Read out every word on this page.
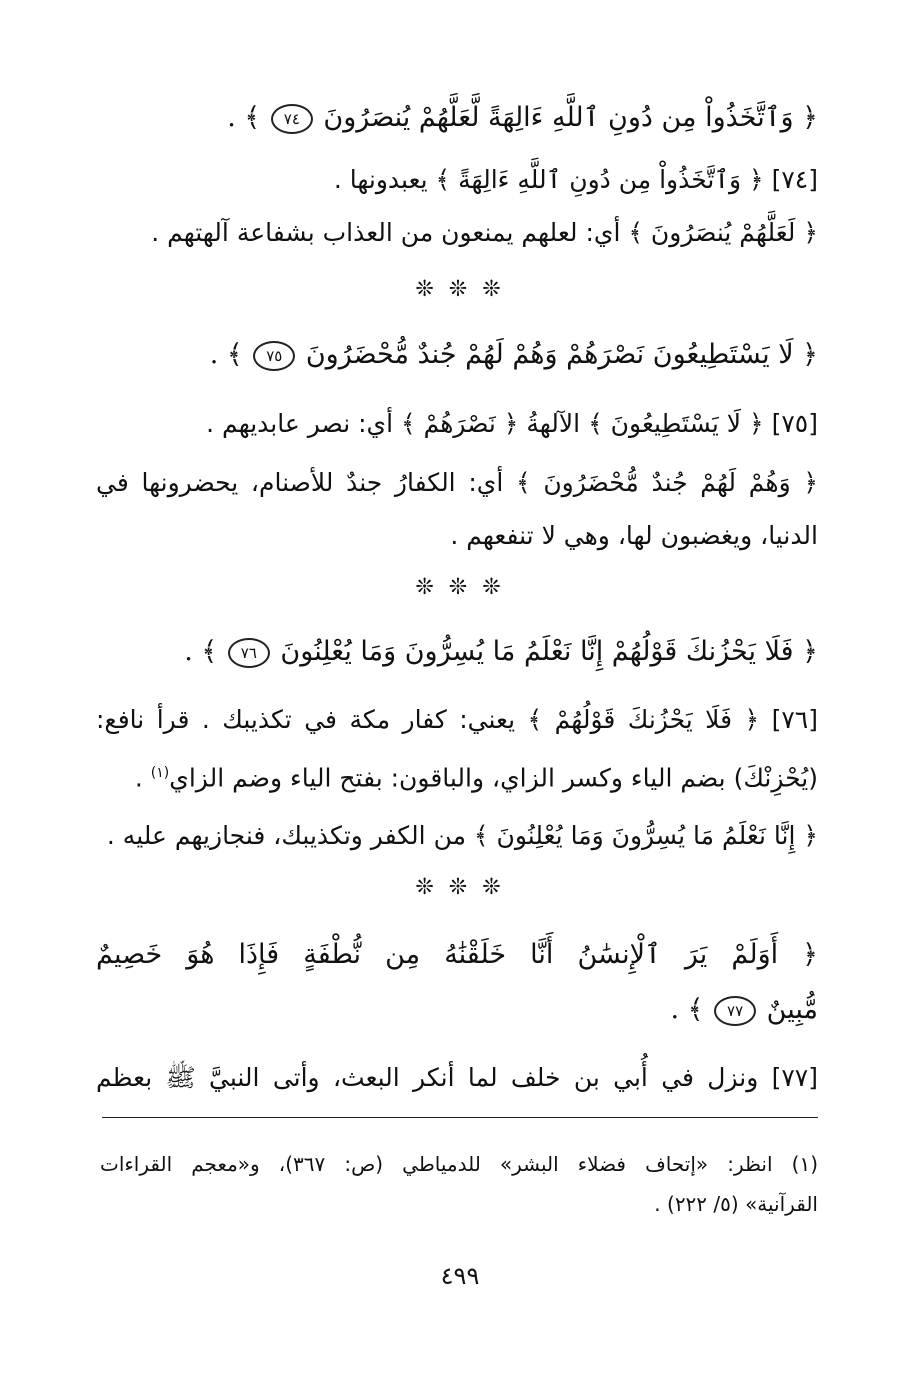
﴿ وَٱتَّخَذُواْ مِن دُونِ ٱللَّهِ ءَالِهَةً لَّعَلَّهُمْ يُنصَرُونَ ٧٤ ﴾ .
[٧٤] ﴿ وَٱتَّخَذُواْ مِن دُونِ ٱللَّهِ ءَالِهَةً ﴾ يعبدونها .
﴿ لَعَلَّهُمْ يُنصَرُونَ ﴾ أي: لعلهم يمنعون من العذاب بشفاعة آلهتهم .
❊ ❊ ❊
﴿ لَا يَسْتَطِيعُونَ نَصْرَهُمْ وَهُمْ لَهُمْ جُندٌ مُّحْضَرُونَ ٧٥ ﴾ .
[٧٥] ﴿ لَا يَسْتَطِيعُونَ ﴾ الآلهةُ ﴿ نَصْرَهُمْ ﴾ أي: نصر عابديهم .
﴿ وَهُمْ لَهُمْ جُندٌ مُّحْضَرُونَ ﴾ أي: الكفارُ جندٌ للأصنام، يحضرونها في
الدنيا، ويغضبون لها، وهي لا تنفعهم .
❊ ❊ ❊
﴿ فَلَا يَحْزُنكَ قَوْلُهُمْ إِنَّا نَعْلَمُ مَا يُسِرُّونَ وَمَا يُعْلِنُونَ ٧٦ ﴾ .
[٧٦] ﴿ فَلَا يَحْزُنكَ قَوْلُهُمْ ﴾ يعني: كفار مكة في تكذيبك . قرأ نافع:
(يُحْزِنْكَ) بضم الياء وكسر الزاي، والباقون: بفتح الياء وضم الزاي$^{(١)}$ .
﴿ إِنَّا نَعْلَمُ مَا يُسِرُّونَ وَمَا يُعْلِنُونَ ﴾ من الكفر وتكذيبك، فنجازيهم عليه .
❊ ❊ ❊
﴿ أَوَلَمْ يَرَ ٱلْإِنسَٰنُ أَنَّا خَلَقْنَٰهُ مِن نُّطْفَةٍ فَإِذَا هُوَ خَصِيمٌ
مُّبِينٌ ٧٧ ﴾ .
[٧٧] ونزل في أُبي بن خلف لما أنكر البعث، وأتى النبيَّ ﷺ بعظم
(١) انظر: «إتحاف فضلاء البشر» للدمياطي (ص: ٣٦٧)، و«معجم القراءات
القرآنية» (٥/ ٢٢٢) .
٤٩٩
